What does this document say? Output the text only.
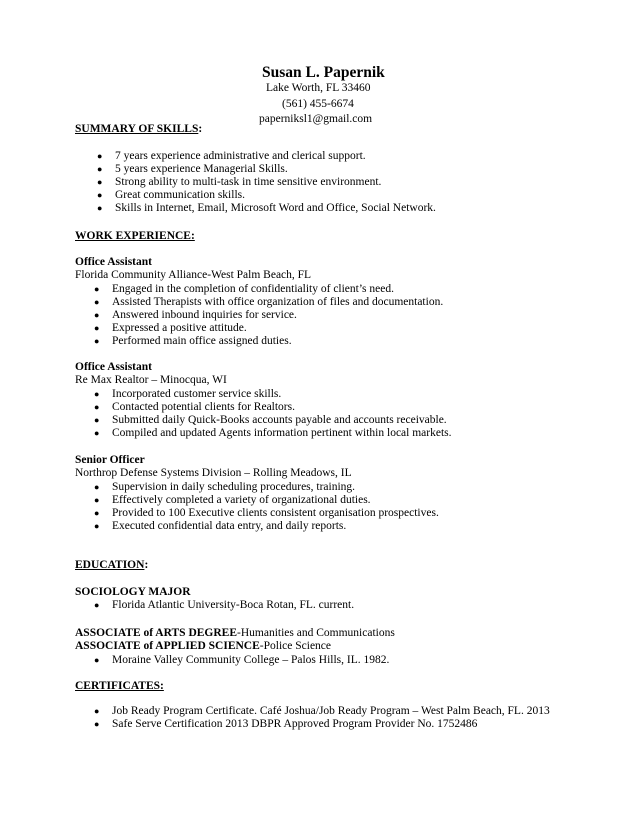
Susan L. Papernik
Lake Worth, FL 33460
(561) 455-6674
paperniksl1@gmail.com
SUMMARY OF SKILLS:
● 7 years experience administrative and clerical support.
● 5 years experience Managerial Skills.
● Strong ability to multi-task in time sensitive environment.
● Great communication skills.
● Skills in Internet, Email, Microsoft Word and Office, Social Network.
WORK EXPERIENCE:
Office Assistant
Florida Community Alliance-West Palm Beach, FL
● Engaged in the completion of confidentiality of client’s need.
● Assisted Therapists with office organization of files and documentation.
● Answered inbound inquiries for service.
● Expressed a positive attitude.
● Performed main office assigned duties.
Office Assistant
Re Max Realtor – Minocqua, WI
● Incorporated customer service skills.
● Contacted potential clients for Realtors.
● Submitted daily Quick-Books accounts payable and accounts receivable.
● Compiled and updated Agents information pertinent within local markets.
Senior Officer
Northrop Defense Systems Division – Rolling Meadows, IL
● Supervision in daily scheduling procedures, training.
● Effectively completed a variety of organizational duties.
● Provided to 100 Executive clients consistent organisation prospectives.
● Executed confidential data entry, and daily reports.
EDUCATION:
SOCIOLOGY MAJOR
● Florida Atlantic University-Boca Rotan, FL. current.
ASSOCIATE of ARTS DEGREE-Humanities and Communications
ASSOCIATE of APPLIED SCIENCE-Police Science
● Moraine Valley Community College – Palos Hills, IL. 1982.
CERTIFICATES:
● Job Ready Program Certificate. Café Joshua/Job Ready Program – West Palm Beach, FL. 2013
● Safe Serve Certification 2013 DBPR Approved Program Provider No. 1752486
